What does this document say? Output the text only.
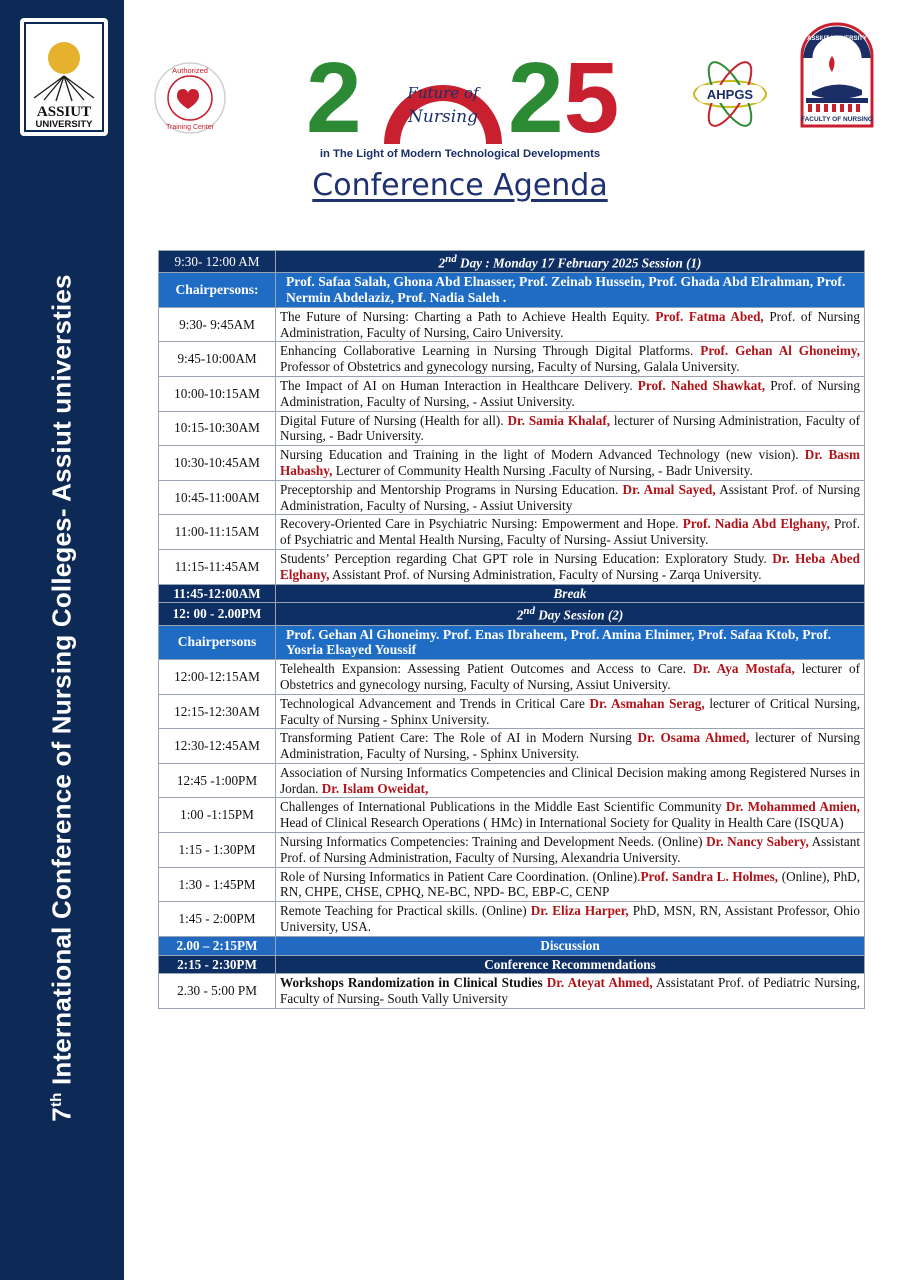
ASSIUT
UNIVERSITY
7th International Conference of Nursing Colleges- Assiut universties
Authorized
Training Center 2	Future of
Nursing 25
in The Light of Modern Technological Developments
Conference Agenda
AHPGS
ASSIUT UNIVERSITY
FACULTY OF NURSING
9:30- 12:00 AM	2nd Day : Monday 17 February 2025 Session (1)
Chairpersons:	Prof. Safaa Salah, Ghona Abd Elnasser, Prof. Zeinab Hussein, Prof. Ghada Abd Elrahman, Prof. Nermin Abdelaziz, Prof. Nadia Saleh .
9:30- 9:45AM	The Future of Nursing: Charting a Path to Achieve Health Equity. Prof. Fatma Abed, Prof. of Nursing Administration, Faculty of Nursing, Cairo University.
9:45-10:00AM	Enhancing Collaborative Learning in Nursing Through Digital Platforms. Prof. Gehan Al Ghoneimy, Professor of Obstetrics and gynecology nursing, Faculty of Nursing, Galala University.
10:00-10:15AM	The Impact of AI on Human Interaction in Healthcare Delivery. Prof. Nahed Shawkat, Prof. of Nursing Administration, Faculty of Nursing, - Assiut University.
10:15-10:30AM	Digital Future of Nursing (Health for all). Dr. Samia Khalaf, lecturer of Nursing Administration, Faculty of Nursing, - Badr University.
10:30-10:45AM	Nursing Education and Training in the light of Modern Advanced Technology (new vision). Dr. Basm Habashy, Lecturer of Community Health Nursing .Faculty of Nursing, - Badr University.
10:45-11:00AM	Preceptorship and Mentorship Programs in Nursing Education. Dr. Amal Sayed, Assistant Prof. of Nursing Administration, Faculty of Nursing, - Assiut University
11:00-11:15AM	Recovery-Oriented Care in Psychiatric Nursing: Empowerment and Hope. Prof. Nadia Abd Elghany, Prof. of Psychiatric and Mental Health Nursing, Faculty of Nursing- Assiut University.
11:15-11:45AM	Students’ Perception regarding Chat GPT role in Nursing Education: Exploratory Study. Dr. Heba Abed Elghany, Assistant Prof. of Nursing Administration, Faculty of Nursing - Zarqa University.
11:45-12:00AM	Break
12: 00 - 2.00PM	2nd Day Session (2)
Chairpersons	Prof. Gehan Al Ghoneimy. Prof. Enas Ibraheem, Prof. Amina Elnimer, Prof. Safaa Ktob, Prof. Yosria Elsayed Youssif
12:00-12:15AM	Telehealth Expansion: Assessing Patient Outcomes and Access to Care. Dr. Aya Mostafa, lecturer of Obstetrics and gynecology nursing, Faculty of Nursing, Assiut University.
12:15-12:30AM	Technological Advancement and Trends in Critical Care Dr. Asmahan Serag, lecturer of Critical Nursing, Faculty of Nursing - Sphinx University.
12:30-12:45AM	Transforming Patient Care: The Role of AI in Modern Nursing Dr. Osama Ahmed, lecturer of Nursing Administration, Faculty of Nursing, - Sphinx University.
12:45 -1:00PM	Association of Nursing Informatics Competencies and Clinical Decision making among Registered Nurses in Jordan. Dr. Islam Oweidat,
1:00 -1:15PM	Challenges of International Publications in the Middle East Scientific Community Dr. Mohammed Amien, Head of Clinical Research Operations ( HMc) in International Society for Quality in Health Care (ISQUA)
1:15 - 1:30PM	Nursing Informatics Competencies: Training and Development Needs. (Online) Dr. Nancy Sabery, Assistant Prof. of Nursing Administration, Faculty of Nursing, Alexandria University.
1:30 - 1:45PM	Role of Nursing Informatics in Patient Care Coordination. (Online).Prof. Sandra L. Holmes, (Online), PhD, RN, CHPE, CHSE, CPHQ, NE-BC, NPD- BC, EBP-C, CENP
1:45 - 2:00PM	Remote Teaching for Practical skills. (Online) Dr. Eliza Harper, PhD, MSN, RN, Assistant Professor, Ohio University, USA.
2.00 – 2:15PM	Discussion
2:15 - 2:30PM	Conference Recommendations
2.30 - 5:00 PM	Workshops Randomization in Clinical Studies Dr. Ateyat Ahmed, Assistatant Prof. of Pediatric Nursing, Faculty of Nursing- South Vally University
